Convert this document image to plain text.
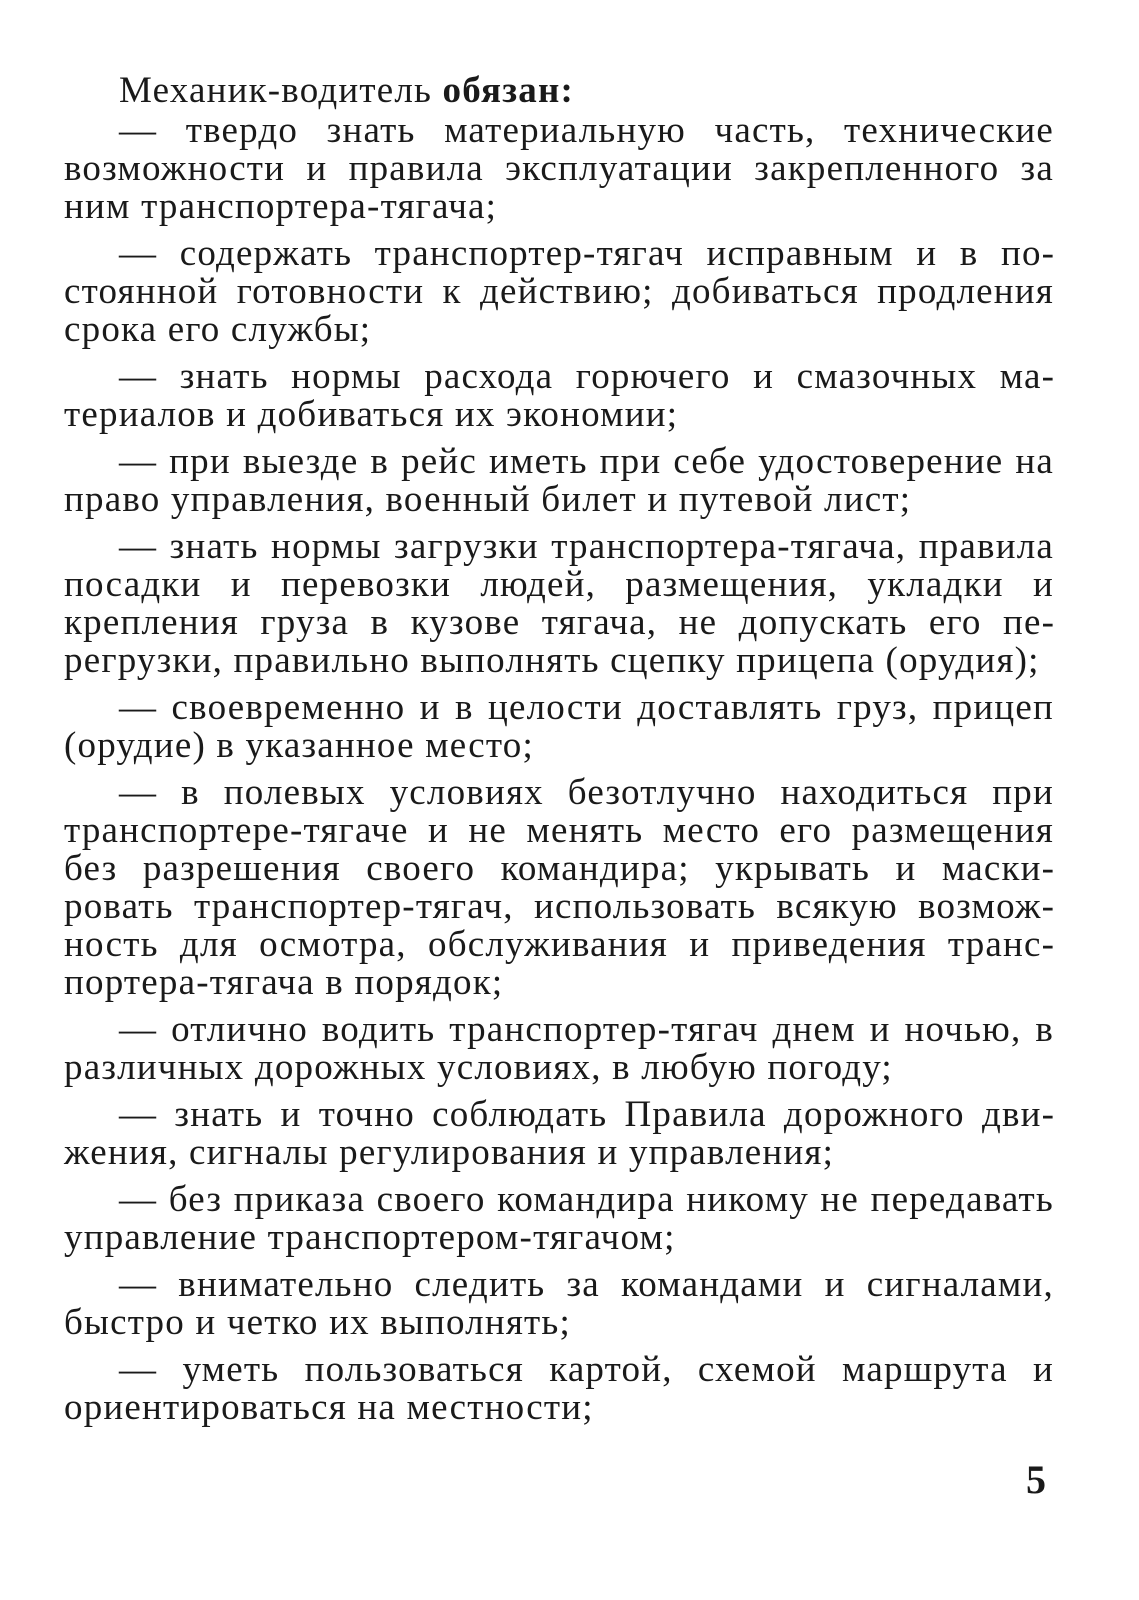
Механик-водитель обязан:

— твердо знать материальную часть, технические возможности и правила эксплуатации закрепленного за ним транспортера-тягача;

— содержать транспортер-тягач исправным и в постоянной готовности к действию; добиваться продления срока его службы;

— знать нормы расхода горючего и смазочных материалов и добиваться их экономии;

— при выезде в рейс иметь при себе удостоверение на право управления, военный билет и путевой лист;

— знать нормы загрузки транспортера-тягача, правила посадки и перевозки людей, размещения, укладки и крепления груза в кузове тягача, не допускать его перегрузки, правильно выполнять сцепку прицепа (орудия);

— своевременно и в целости доставлять груз, прицеп (орудие) в указанное место;

— в полевых условиях безотлучно находиться при транспортере-тягаче и не менять место его размещения без разрешения своего командира; укрывать и маскировать транспортер-тягач, использовать всякую возможность для осмотра, обслуживания и приведения транспортера-тягача в порядок;

— отлично водить транспортер-тягач днем и ночью, в различных дорожных условиях, в любую погоду;

— знать и точно соблюдать Правила дорожного движения, сигналы регулирования и управления;

— без приказа своего командира никому не передавать управление транспортером-тягачом;

— внимательно следить за командами и сигналами, быстро и четко их выполнять;

— уметь пользоваться картой, схемой маршрута и ориентироваться на местности;

5
